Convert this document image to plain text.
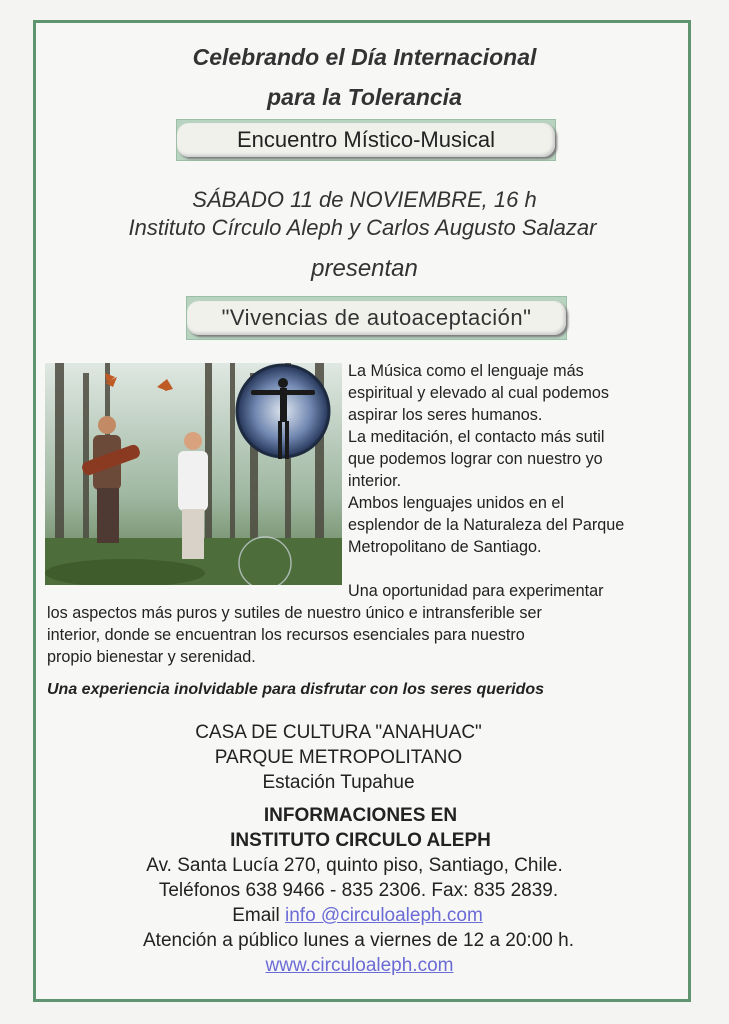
Celebrando el Día Internacional
para la Tolerancia
Encuentro Místico-Musical
SÁBADO 11 de NOVIEMBRE, 16 h
Instituto Círculo Aleph y Carlos Augusto Salazar
presentan
"Vivencias de autoaceptación"
La Música como el lenguaje más
espiritual y elevado al cual podemos
aspirar los seres humanos.
La meditación, el contacto más sutil
que podemos lograr con nuestro yo
interior.
Ambos lenguajes unidos en el
esplendor de la Naturaleza del Parque
Metropolitano de Santiago.
Una oportunidad para experimentar
los aspectos más puros y sutiles de nuestro único e intransferible ser
interior, donde se encuentran los recursos esenciales para nuestro
propio bienestar y serenidad.
Una experiencia inolvidable para disfrutar con los seres queridos
CASA DE CULTURA "ANAHUAC"
PARQUE METROPOLITANO
Estación Tupahue
INFORMACIONES EN
INSTITUTO CIRCULO ALEPH
Av. Santa Lucía 270, quinto piso, Santiago, Chile.
Teléfonos 638 9466 - 835 2306. Fax: 835 2839.
Email info @circuloaleph.com
Atención a público lunes a viernes de 12 a 20:00 h.
www.circuloaleph.com
